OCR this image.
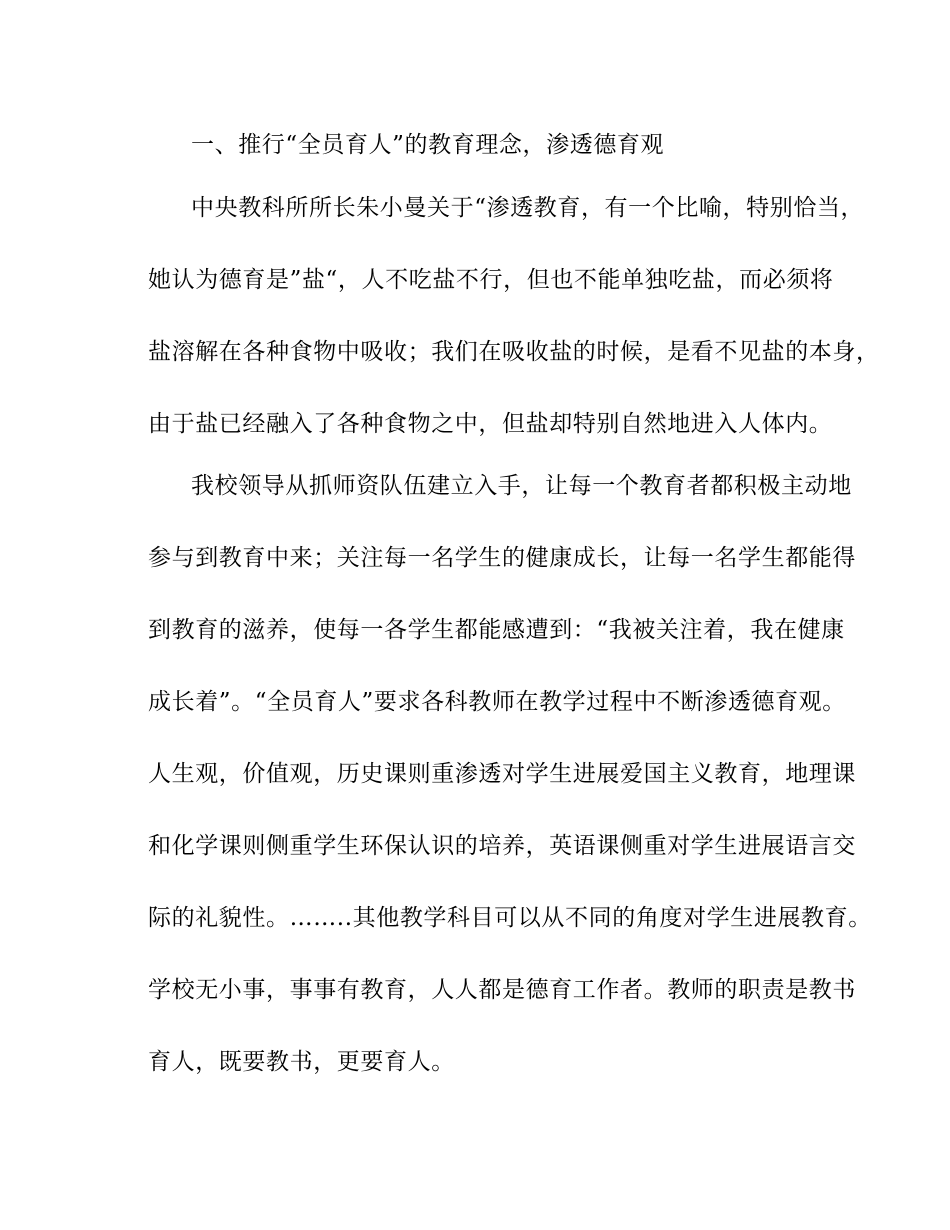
一、推行“全员育人”的教育理念，渗透德育观
中央教科所所长朱小曼关于“渗透教育，有一个比喻，特别恰当，
她认为德育是”盐“，人不吃盐不行，但也不能单独吃盐，而必须将
盐溶解在各种食物中吸收；我们在吸收盐的时候，是看不见盐的本身，
由于盐已经融入了各种食物之中，但盐却特别自然地进入人体内。
我校领导从抓师资队伍建立入手，让每一个教育者都积极主动地
参与到教育中来；关注每一名学生的健康成长，让每一名学生都能得
到教育的滋养，使每一各学生都能感遭到：“我被关注着，我在健康
成长着”。“全员育人”要求各科教师在教学过程中不断渗透德育观。
人生观，价值观，历史课则重渗透对学生进展爱国主义教育，地理课
和化学课则侧重学生环保认识的培养，英语课侧重对学生进展语言交
际的礼貌性。……..其他教学科目可以从不同的角度对学生进展教育。
学校无小事，事事有教育，人人都是德育工作者。教师的职责是教书
育人，既要教书，更要育人。
